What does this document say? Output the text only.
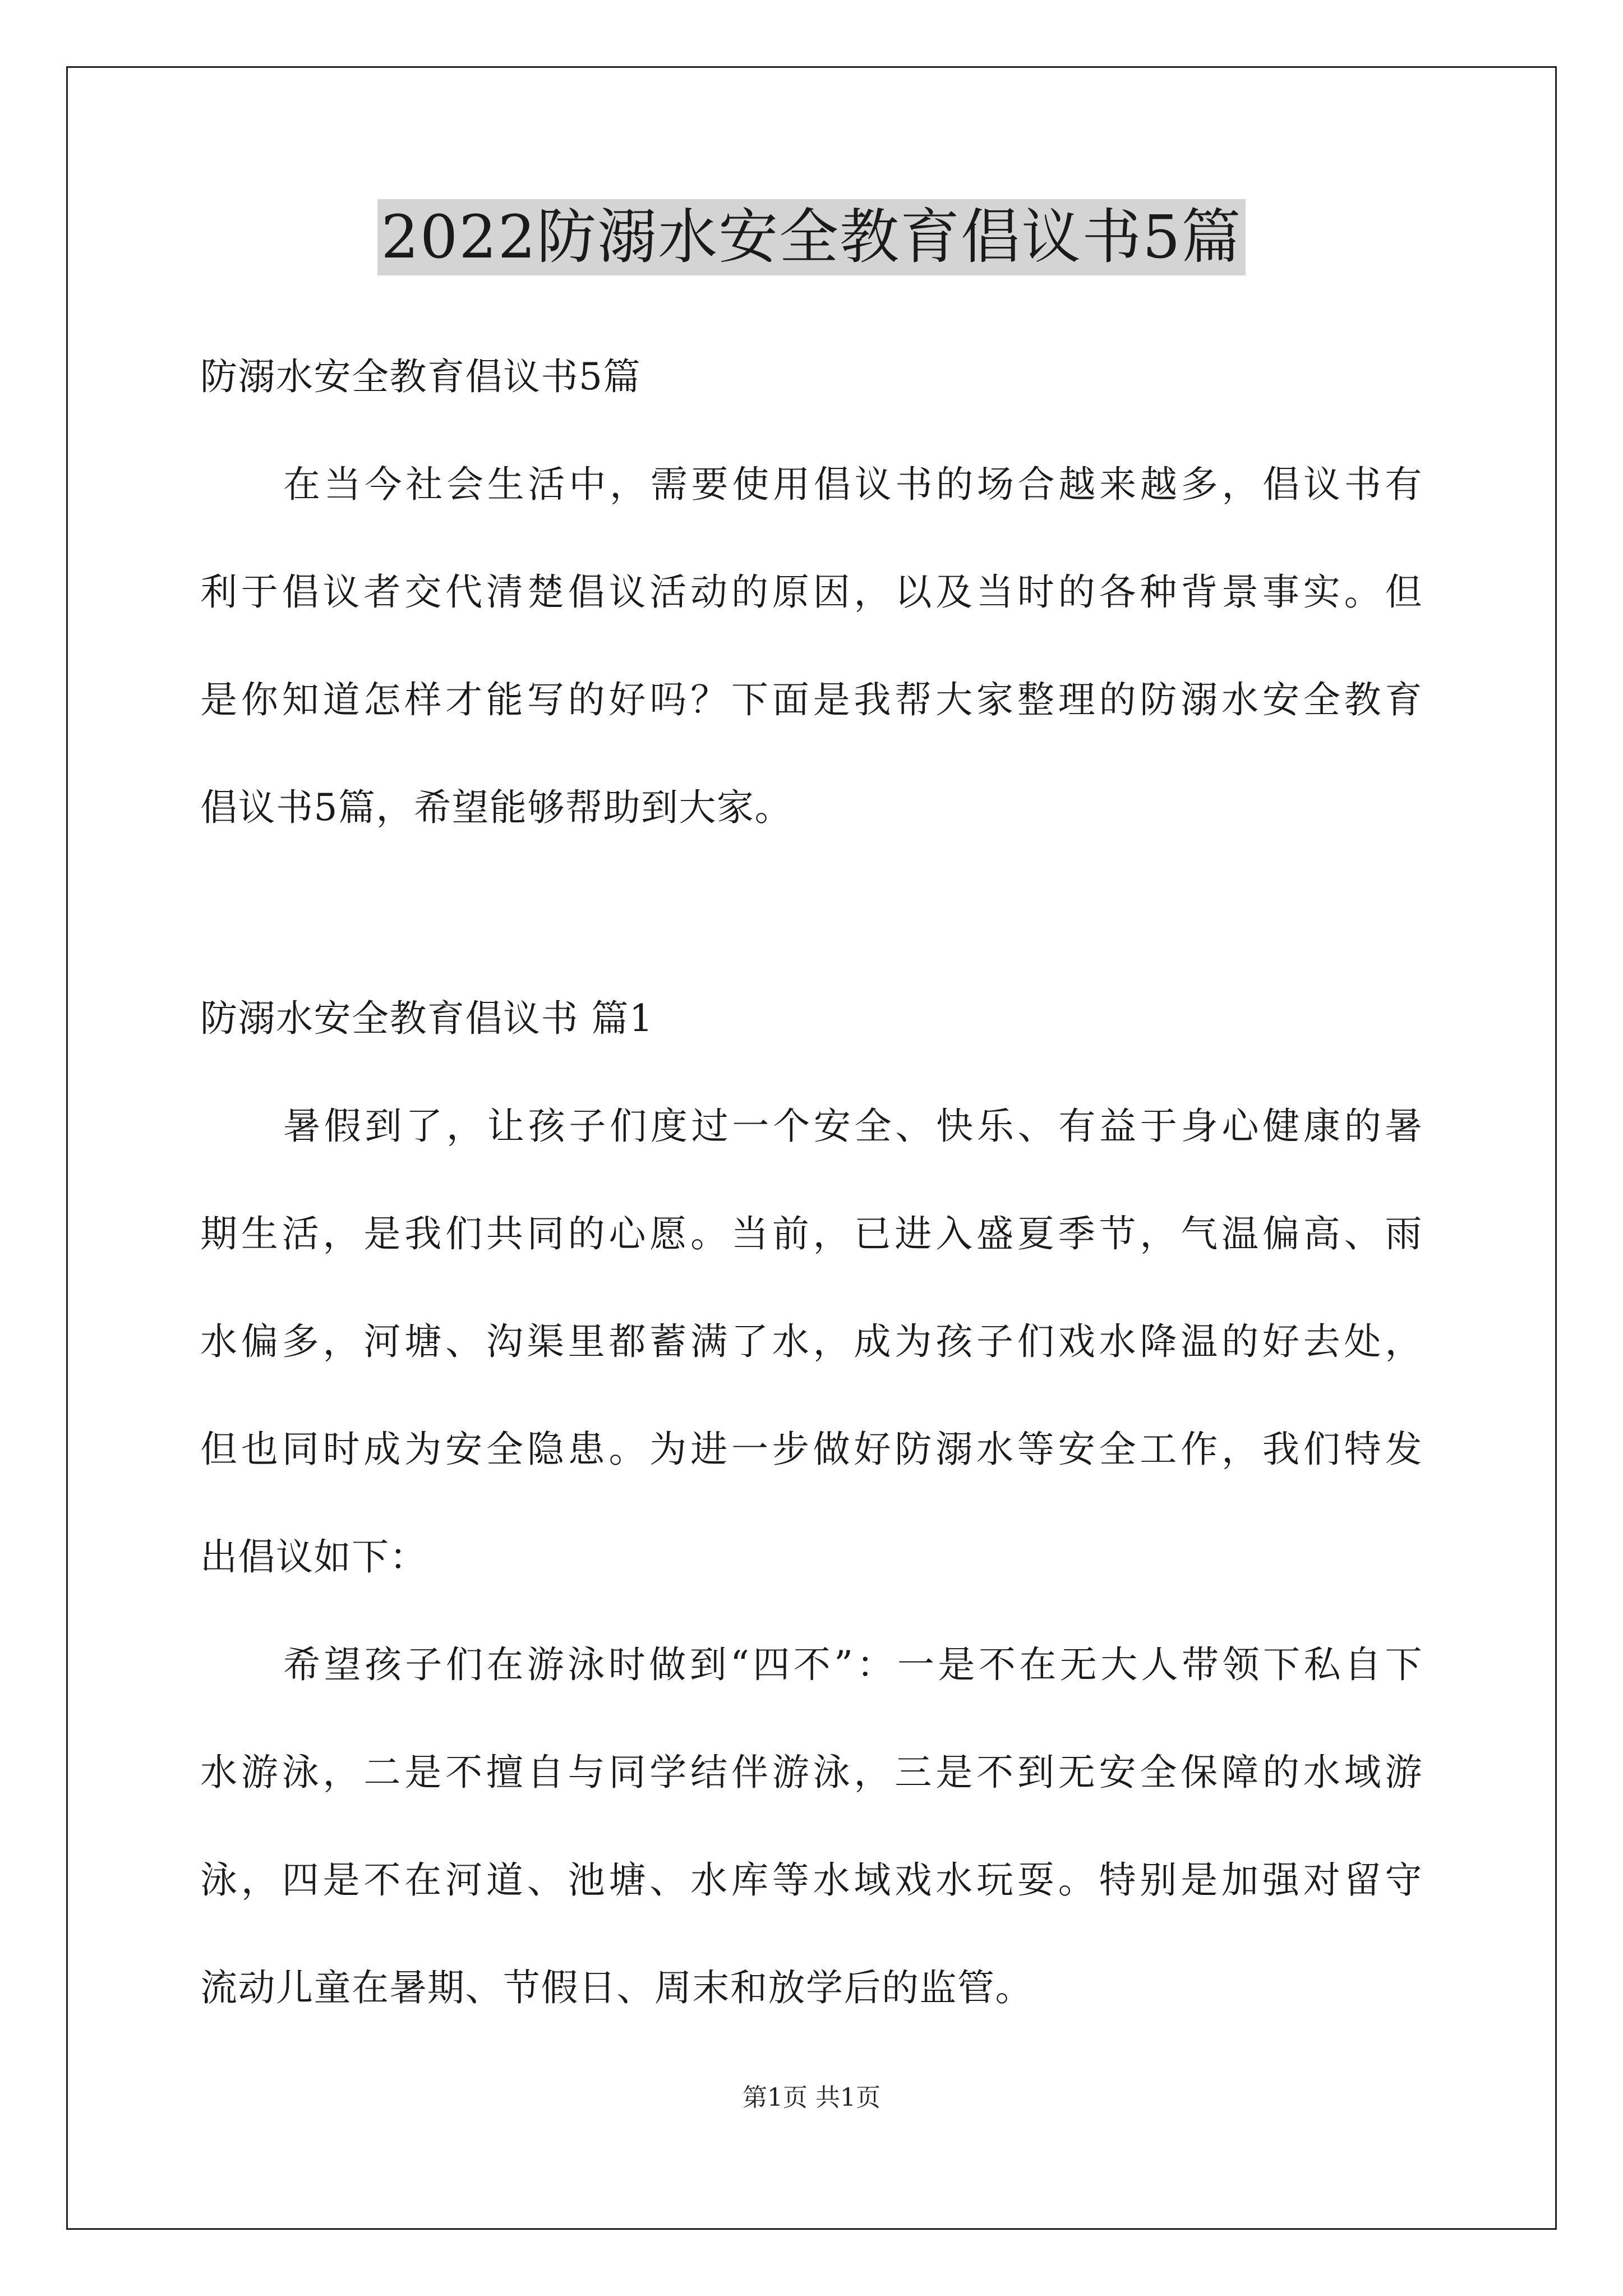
2022防溺水安全教育倡议书5篇
防溺水安全教育倡议书5篇
在当今社会生活中，需要使用倡议书的场合越来越多，倡议书有
利于倡议者交代清楚倡议活动的原因，以及当时的各种背景事实。但
是你知道怎样才能写的好吗？下面是我帮大家整理的防溺水安全教育
倡议书5篇，希望能够帮助到大家。
防溺水安全教育倡议书 篇1
暑假到了，让孩子们度过一个安全、快乐、有益于身心健康的暑
期生活，是我们共同的心愿。当前，已进入盛夏季节，气温偏高、雨
水偏多，河塘、沟渠里都蓄满了水，成为孩子们戏水降温的好去处，
但也同时成为安全隐患。为进一步做好防溺水等安全工作，我们特发
出倡议如下：
希望孩子们在游泳时做到“四不”：一是不在无大人带领下私自下
水游泳，二是不擅自与同学结伴游泳，三是不到无安全保障的水域游
泳，四是不在河道、池塘、水库等水域戏水玩耍。特别是加强对留守
流动儿童在暑期、节假日、周末和放学后的监管。
第1页 共1页
